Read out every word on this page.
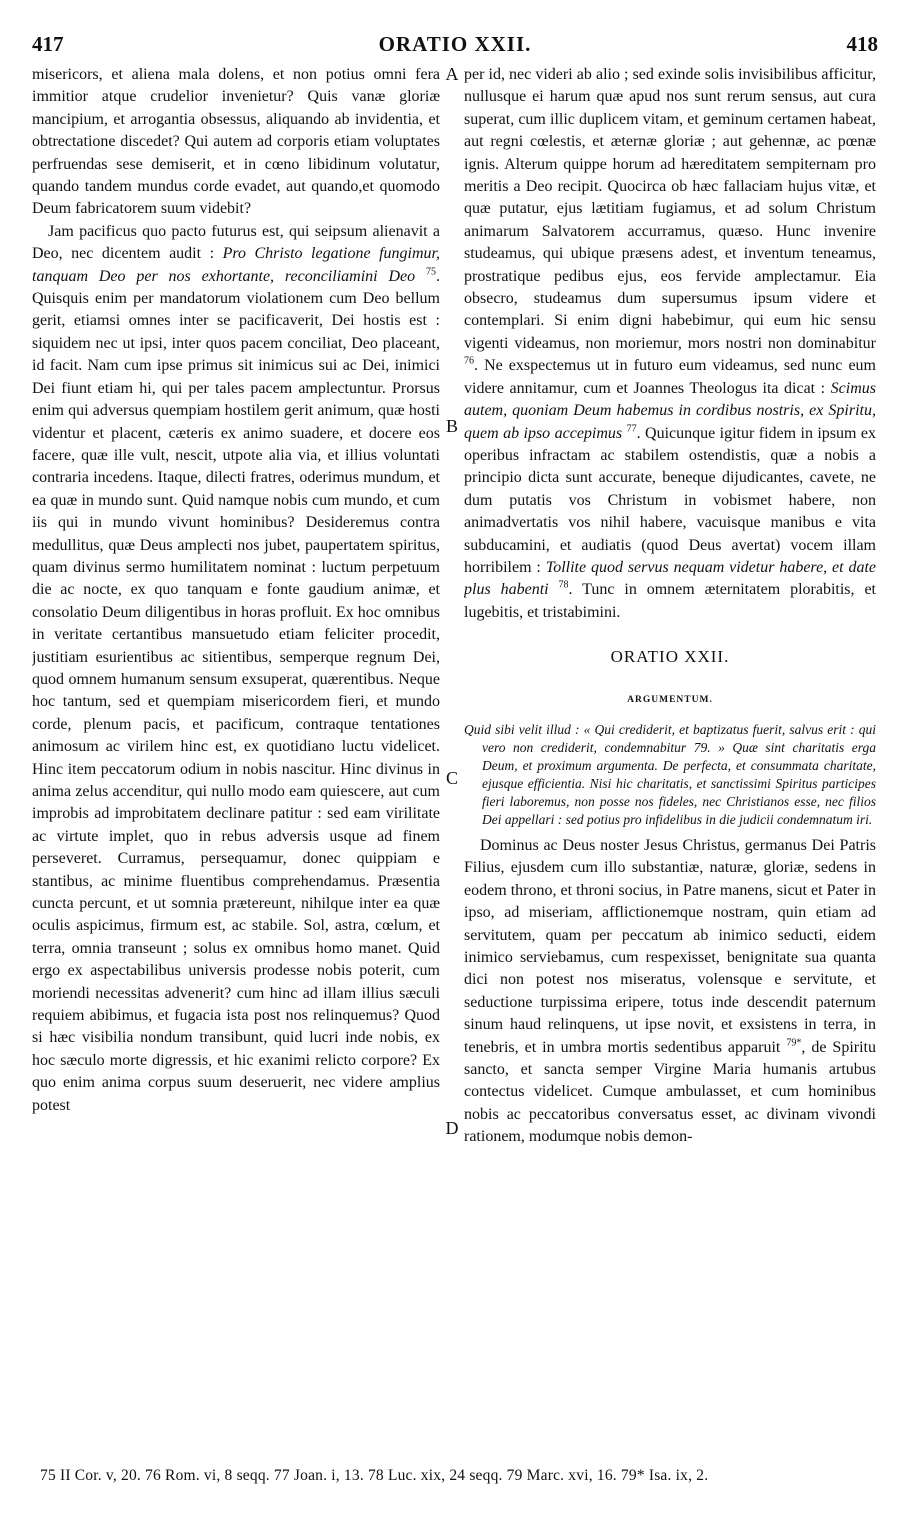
417	ORATIO XXII.	418
A
B
C
D

misericors, et aliena mala dolens, et non potius omni fera immitior atque crudelior invenietur? Quis vanæ gloriæ mancipium, et arrogantia obsessus, aliquando ab invidentia, et obtrectatione discedet? Qui autem ad corporis etiam voluptates perfruendas sese demiserit, et in cœno libidinum volutatur, quando tandem mundus corde evadet, aut quando,et quomodo Deum fabricatorem suum videbit?

Jam pacificus quo pacto futurus est, qui seipsum alienavit a Deo, nec dicentem audit : Pro Christo legatione fungimur, tanquam Deo per nos exhortante, reconciliamini Deo $^{75}$. Quisquis enim per mandatorum violationem cum Deo bellum gerit, etiamsi omnes inter se pacificaverit, Dei hostis est : siquidem nec ut ipsi, inter quos pacem conciliat, Deo placeant, id facit. Nam cum ipse primus sit inimicus sui ac Dei, inimici Dei fiunt etiam hi, qui per tales pacem amplectuntur. Prorsus enim qui adversus quempiam hostilem gerit animum, quæ hosti videntur et placent, cæteris ex animo suadere, et docere eos facere, quæ ille vult, nescit, utpote alia via, et illius voluntati contraria incedens. Itaque, dilecti fratres, oderimus mundum, et ea quæ in mundo sunt. Quid namque nobis cum mundo, et cum iis qui in mundo vivunt hominibus? Desideremus contra medullitus, quæ Deus amplecti nos jubet, paupertatem spiritus, quam divinus sermo humilitatem nominat : luctum perpetuum die ac nocte, ex quo tanquam e fonte gaudium animæ, et consolatio Deum diligentibus in horas profluit. Ex hoc omnibus in veritate certantibus mansuetudo etiam feliciter procedit, justitiam esurientibus ac sitientibus, semperque regnum Dei, quod omnem humanum sensum exsuperat, quærentibus. Neque hoc tantum, sed et quempiam misericordem fieri, et mundo corde, plenum pacis, et pacificum, contraque tentationes animosum ac virilem hinc est, ex quotidiano luctu videlicet. Hinc item peccatorum odium in nobis nascitur. Hinc divinus in anima zelus accenditur, qui nullo modo eam quiescere, aut cum improbis ad improbitatem declinare patitur : sed eam virilitate ac virtute implet, quo in rebus adversis usque ad finem perseveret. Curramus, persequamur, donec quippiam e stantibus, ac minime fluentibus comprehendamus. Præsentia cuncta percunt, et ut somnia prætereunt, nihilque inter ea quæ oculis aspicimus, firmum est, ac stabile. Sol, astra, cœlum, et terra, omnia transeunt ; solus ex omnibus homo manet. Quid ergo ex aspectabilibus universis prodesse nobis poterit, cum moriendi necessitas advenerit? cum hinc ad illam illius sæculi requiem abibimus, et fugacia ista post nos relinquemus? Quod si hæc visibilia nondum transibunt, quid lucri inde nobis, ex hoc sæculo morte digressis, et hic exanimi relicto corpore? Ex quo enim anima corpus suum deseruerit, nec videre amplius potest

per id, nec videri ab alio ; sed exinde solis invisibilibus afficitur, nullusque ei harum quæ apud nos sunt rerum sensus, aut cura superat, cum illic duplicem vitam, et geminum certamen habeat, aut regni cœlestis, et æternæ gloriæ ; aut gehennæ, ac pœnæ ignis. Alterum quippe horum ad hæreditatem sempiternam pro meritis a Deo recipit. Quocirca ob hæc fallaciam hujus vitæ, et quæ putatur, ejus lætitiam fugiamus, et ad solum Christum animarum Salvatorem accurramus, quæso. Hunc invenire studeamus, qui ubique præsens adest, et inventum teneamus, prostratique pedibus ejus, eos fervide amplectamur. Eia obsecro, studeamus dum supersumus ipsum videre et contemplari. Si enim digni habebimur, qui eum hic sensu vigenti videamus, non moriemur, mors nostri non dominabitur $^{76}$. Ne exspectemus ut in futuro eum videamus, sed nunc eum videre annitamur, cum et Joannes Theologus ita dicat : Scimus autem, quoniam Deum habemus in cordibus nostris, ex Spiritu, quem ab ipso accepimus $^{77}$. Quicunque igitur fidem in ipsum ex operibus infractam ac stabilem ostendistis, quæ a nobis a principio dicta sunt accurate, beneque dijudicantes, cavete, ne dum putatis vos Christum in vobismet habere, non animadvertatis vos nihil habere, vacuisque manibus e vita subducamini, et audiatis (quod Deus avertat) vocem illam horribilem : Tollite quod servus nequam videtur habere, et date plus habenti $^{78}$. Tunc in omnem æternitatem plorabitis, et lugebitis, et tristabimini.

ORATIO XXII.
ARGUMENTUM.
Quid sibi velit illud : « Qui crediderit, et baptizatus fuerit, salvus erit : qui vero non crediderit, condemnabitur 79. » Quæ sint charitatis erga Deum, et proximum argumenta. De perfecta, et consummata charitate, ejusque efficientia. Nisi hic charitatis, et sanctissimi Spiritus participes fieri laboremus, non posse nos fideles, nec Christianos esse, nec filios Dei appellari : sed potius pro infidelibus in die judicii condemnatum iri.

Dominus ac Deus noster Jesus Christus, germanus Dei Patris Filius, ejusdem cum illo substantiæ, naturæ, gloriæ, sedens in eodem throno, et throni socius, in Patre manens, sicut et Pater in ipso, ad miseriam, afflictionemque nostram, quin etiam ad servitutem, quam per peccatum ab inimico seducti, eidem inimico serviebamus, cum respexisset, benignitate sua quanta dici non potest nos miseratus, volensque e servitute, et seductione turpissima eripere, totus inde descendit paternum sinum haud relinquens, ut ipse novit, et exsistens in terra, in tenebris, et in umbra mortis sedentibus apparuit $^{79*}$, de Spiritu sancto, et sancta semper Virgine Maria humanis artubus contectus videlicet. Cumque ambulasset, et cum hominibus nobis ac peccatoribus conversatus esset, ac divinam vivondi rationem, modumque nobis demon-

75 II Cor. v, 20. 76 Rom. vi, 8 seqq. 77 Joan. i, 13. 78 Luc. xix, 24 seqq. 79 Marc. xvi, 16. 79* Isa. ix, 2.
